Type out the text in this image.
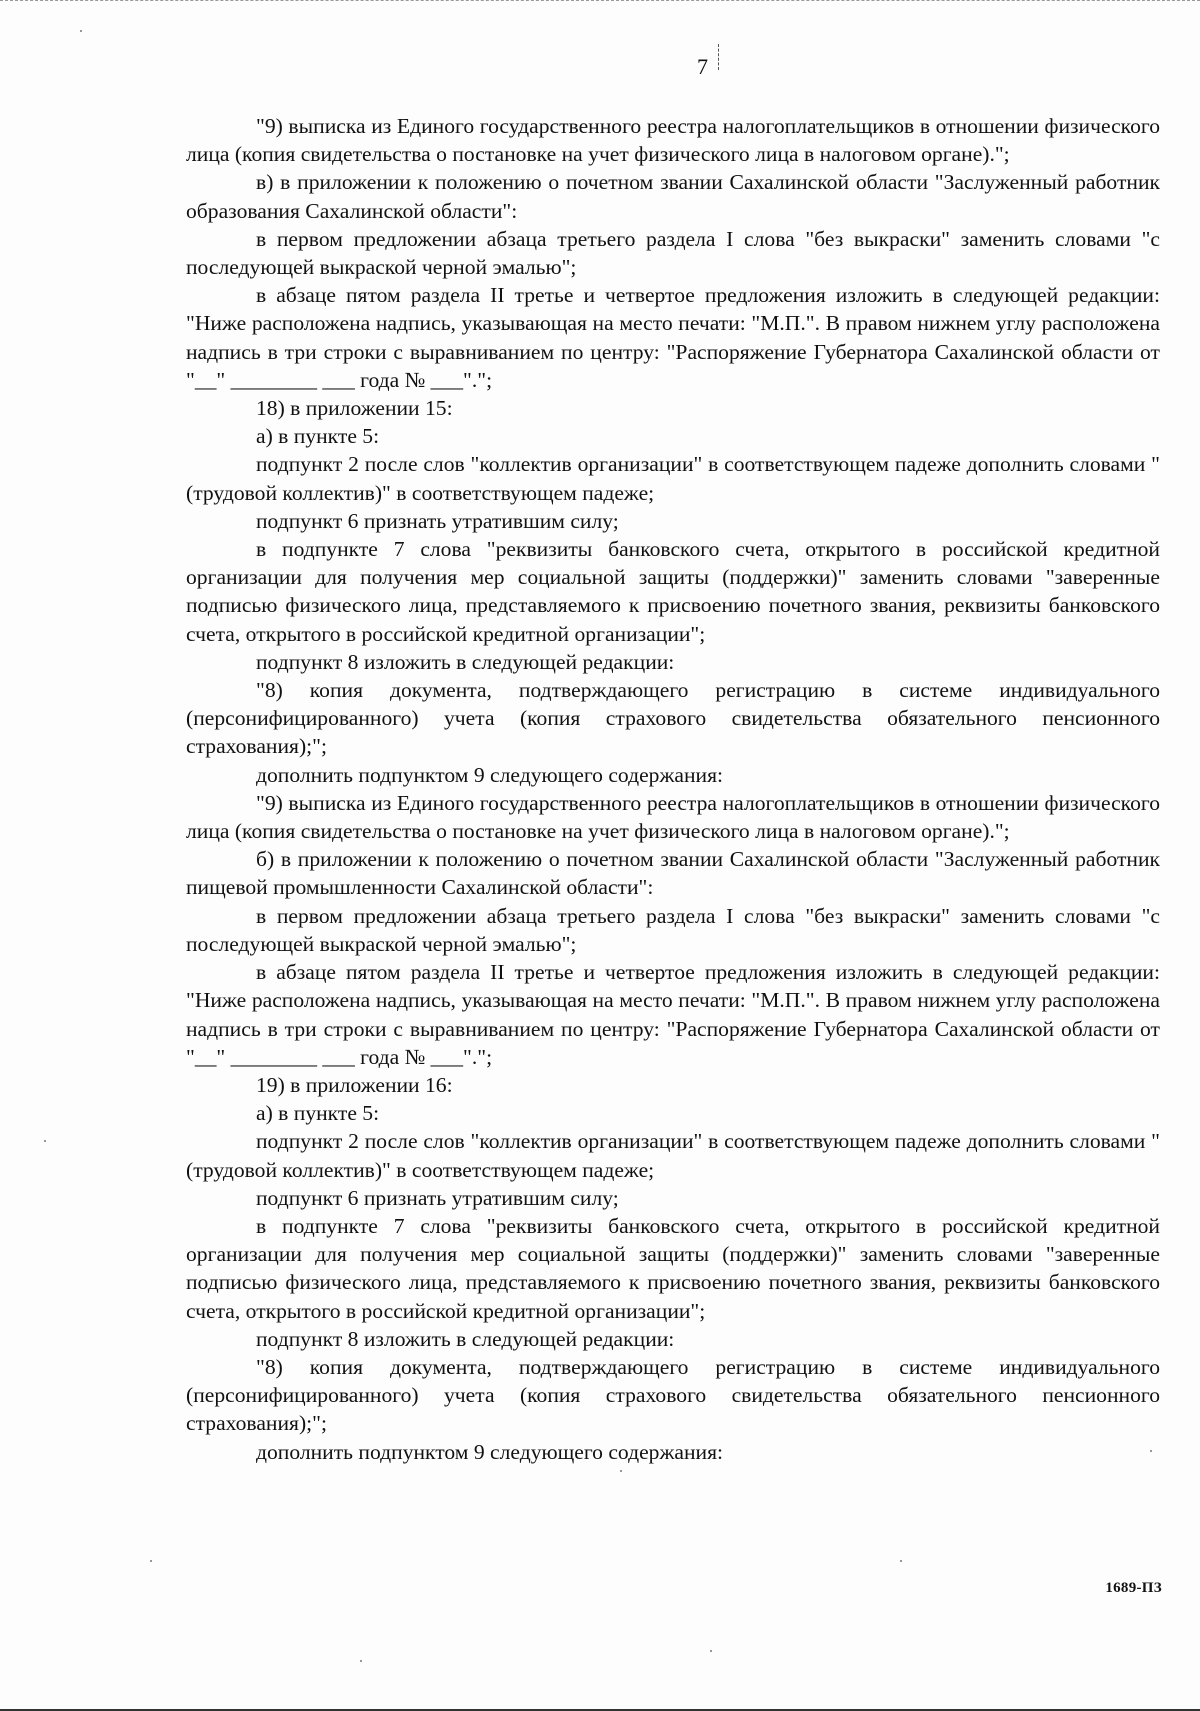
7

"9) выписка из Единого государственного реестра налогоплательщиков в отношении физического лица (копия свидетельства о постановке на учет физического лица в налоговом органе).";

в) в приложении к положению о почетном звании Сахалинской области "Заслуженный работник образования Сахалинской области":

в первом предложении абзаца третьего раздела I слова "без выкраски" заменить словами "с последующей выкраской черной эмалью";

в абзаце пятом раздела II третье и четвертое предложения изложить в следующей редакции: "Ниже расположена надпись, указывающая на место печати: "М.П.". В правом нижнем углу расположена надпись в три строки с выравниванием по центру: "Распоряжение Губернатора Сахалинской области от "__" ________ ___ года № ___".";

18) в приложении 15:

а) в пункте 5:

подпункт 2 после слов "коллектив организации" в соответствующем падеже дополнить словами "(трудовой коллектив)" в соответствующем падеже;

подпункт 6 признать утратившим силу;

в подпункте 7 слова "реквизиты банковского счета, открытого в российской кредитной организации для получения мер социальной защиты (поддержки)" заменить словами "заверенные подписью физического лица, представляемого к присвоению почетного звания, реквизиты банковского счета, открытого в российской кредитной организации";

подпункт 8 изложить в следующей редакции:

"8) копия документа, подтверждающего регистрацию в системе индивидуального (персонифицированного) учета (копия страхового свидетельства обязательного пенсионного страхования);";

дополнить подпунктом 9 следующего содержания:

"9) выписка из Единого государственного реестра налогоплательщиков в отношении физического лица (копия свидетельства о постановке на учет физического лица в налоговом органе).";

б) в приложении к положению о почетном звании Сахалинской области "Заслуженный работник пищевой промышленности Сахалинской области":

в первом предложении абзаца третьего раздела I слова "без выкраски" заменить словами "с последующей выкраской черной эмалью";

в абзаце пятом раздела II третье и четвертое предложения изложить в следующей редакции: "Ниже расположена надпись, указывающая на место печати: "М.П.". В правом нижнем углу расположена надпись в три строки с выравниванием по центру: "Распоряжение Губернатора Сахалинской области от "__" ________ ___ года № ___".";

19) в приложении 16:

а) в пункте 5:

подпункт 2 после слов "коллектив организации" в соответствующем падеже дополнить словами "(трудовой коллектив)" в соответствующем падеже;

подпункт 6 признать утратившим силу;

в подпункте 7 слова "реквизиты банковского счета, открытого в российской кредитной организации для получения мер социальной защиты (поддержки)" заменить словами "заверенные подписью физического лица, представляемого к присвоению почетного звания, реквизиты банковского счета, открытого в российской кредитной организации";

подпункт 8 изложить в следующей редакции:

"8) копия документа, подтверждающего регистрацию в системе индивидуального (персонифицированного) учета (копия страхового свидетельства обязательного пенсионного страхования);";

дополнить подпунктом 9 следующего содержания:

1689-ПЗ
